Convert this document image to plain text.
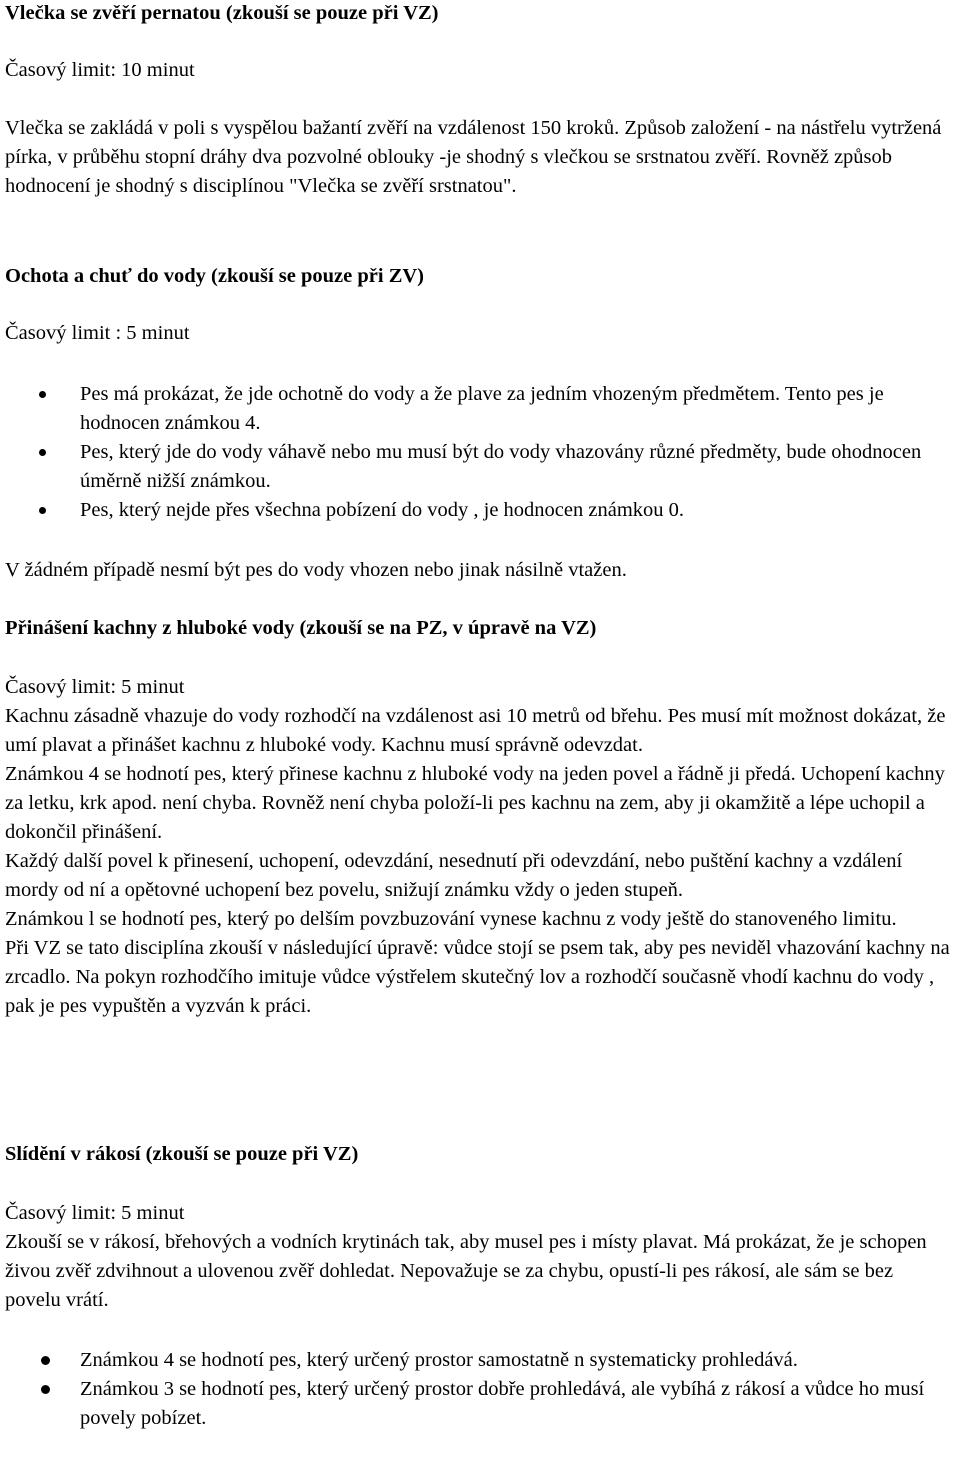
Vlečka se zvěří pernatou (zkouší se pouze při VZ)

Časový limit: 10 minut

Vlečka se zakládá v poli s vyspělou bažantí zvěří na vzdálenost 150 kroků. Způsob založení - na nástřelu vytržená pírka, v průběhu stopní dráhy dva pozvolné oblouky -je shodný s vlečkou se srstnatou zvěří. Rovněž způsob hodnocení je shodný s disciplínou "Vlečka se zvěří srstnatou".

Ochota a chuť do vody (zkouší se pouze při ZV)

Časový limit : 5 minut

Pes má prokázat, že jde ochotně do vody a že plave za jedním vhozeným předmětem. Tento pes je hodnocen známkou 4.
Pes, který jde do vody váhavě nebo mu musí být do vody vhazovány různé předměty, bude ohodnocen úměrně nižší známkou.
Pes, který nejde přes všechna pobízení do vody , je hodnocen známkou 0.

V žádném případě nesmí být pes do vody vhozen nebo jinak násilně vtažen.

Přinášení kachny z hluboké vody (zkouší se na PZ, v úpravě na VZ)

Časový limit: 5 minut

Kachnu zásadně vhazuje do vody rozhodčí na vzdálenost asi 10 metrů od břehu. Pes musí mít možnost dokázat, že umí plavat a přinášet kachnu z hluboké vody. Kachnu musí správně odevzdat.

Známkou 4 se hodnotí pes, který přinese kachnu z hluboké vody na jeden povel a řádně ji předá. Uchopení kachny za letku, krk apod. není chyba. Rovněž není chyba položí-li pes kachnu na zem, aby ji okamžitě a lépe uchopil a dokončil přinášení.

Každý další povel k přinesení, uchopení, odevzdání, nesednutí při odevzdání, nebo puštění kachny a vzdálení mordy od ní a opětovné uchopení bez povelu, snižují známku vždy o jeden stupeň.

Známkou l se hodnotí pes, který po delším povzbuzování vynese kachnu z vody ještě do stanoveného limitu.

Při VZ se tato disciplína zkouší v následující úpravě: vůdce stojí se psem tak, aby pes neviděl vhazování kachny na zrcadlo. Na pokyn rozhodčího imituje vůdce výstřelem skutečný lov a rozhodčí současně vhodí kachnu do vody , pak je pes vypuštěn a vyzván k práci.

Slídění v rákosí (zkouší se pouze při VZ)

Časový limit: 5 minut

Zkouší se v rákosí, břehových a vodních krytinách tak, aby musel pes i místy plavat. Má prokázat, že je schopen živou zvěř zdvihnout a ulovenou zvěř dohledat. Nepovažuje se za chybu, opustí-li pes rákosí, ale sám se bez povelu vrátí.

Známkou 4 se hodnotí pes, který určený prostor samostatně n systematicky prohledává.
Známkou 3 se hodnotí pes, který určený prostor dobře prohledává, ale vybíhá z rákosí a vůdce ho musí povely pobízet.
